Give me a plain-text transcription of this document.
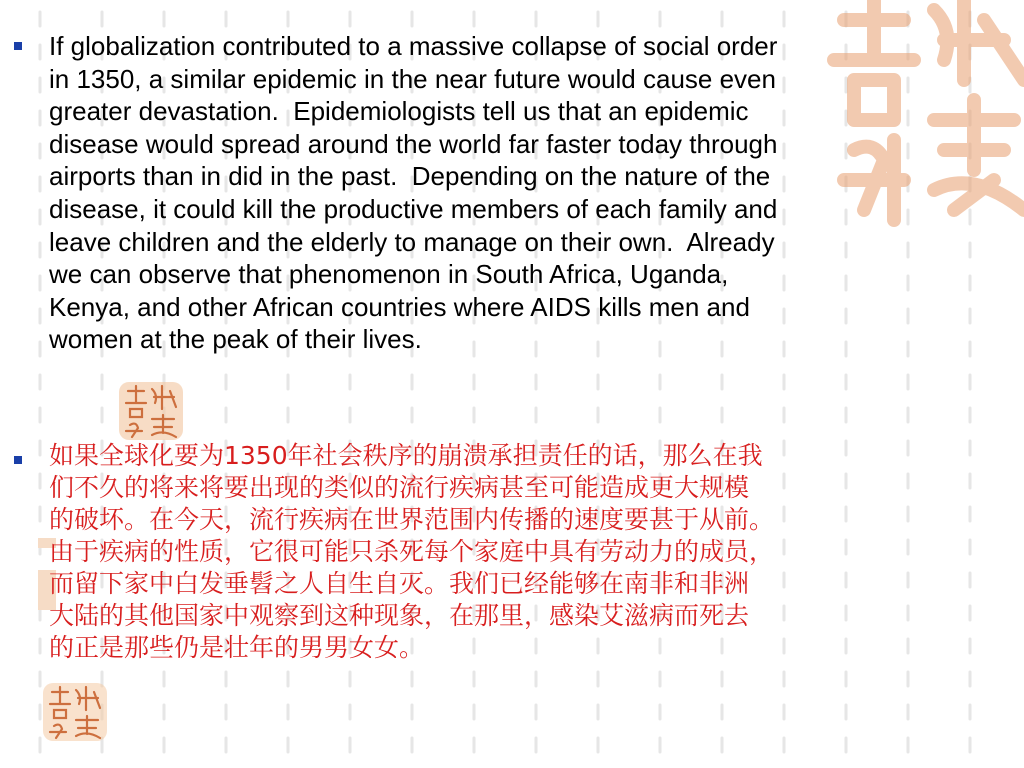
If globalization contributed to a massive collapse of social order
in 1350, a similar epidemic in the near future would cause even
greater devastation.  Epidemiologists tell us that an epidemic
disease would spread around the world far faster today through
airports than in did in the past.  Depending on the nature of the
disease, it could kill the productive members of each family and
leave children and the elderly to manage on their own.  Already
we can observe that phenomenon in South Africa, Uganda,
Kenya, and other African countries where AIDS kills men and
women at the peak of their lives.
如果全球化要为1350年社会秩序的崩溃承担责任的话，那么在我
们不久的将来将要出现的类似的流行疾病甚至可能造成更大规模
的破坏。在今天，流行疾病在世界范围内传播的速度要甚于从前。
由于疾病的性质，它很可能只杀死每个家庭中具有劳动力的成员，
而留下家中白发垂髫之人自生自灭。我们已经能够在南非和非洲
大陆的其他国家中观察到这种现象，在那里，感染艾滋病而死去
的正是那些仍是壮年的男男女女。
